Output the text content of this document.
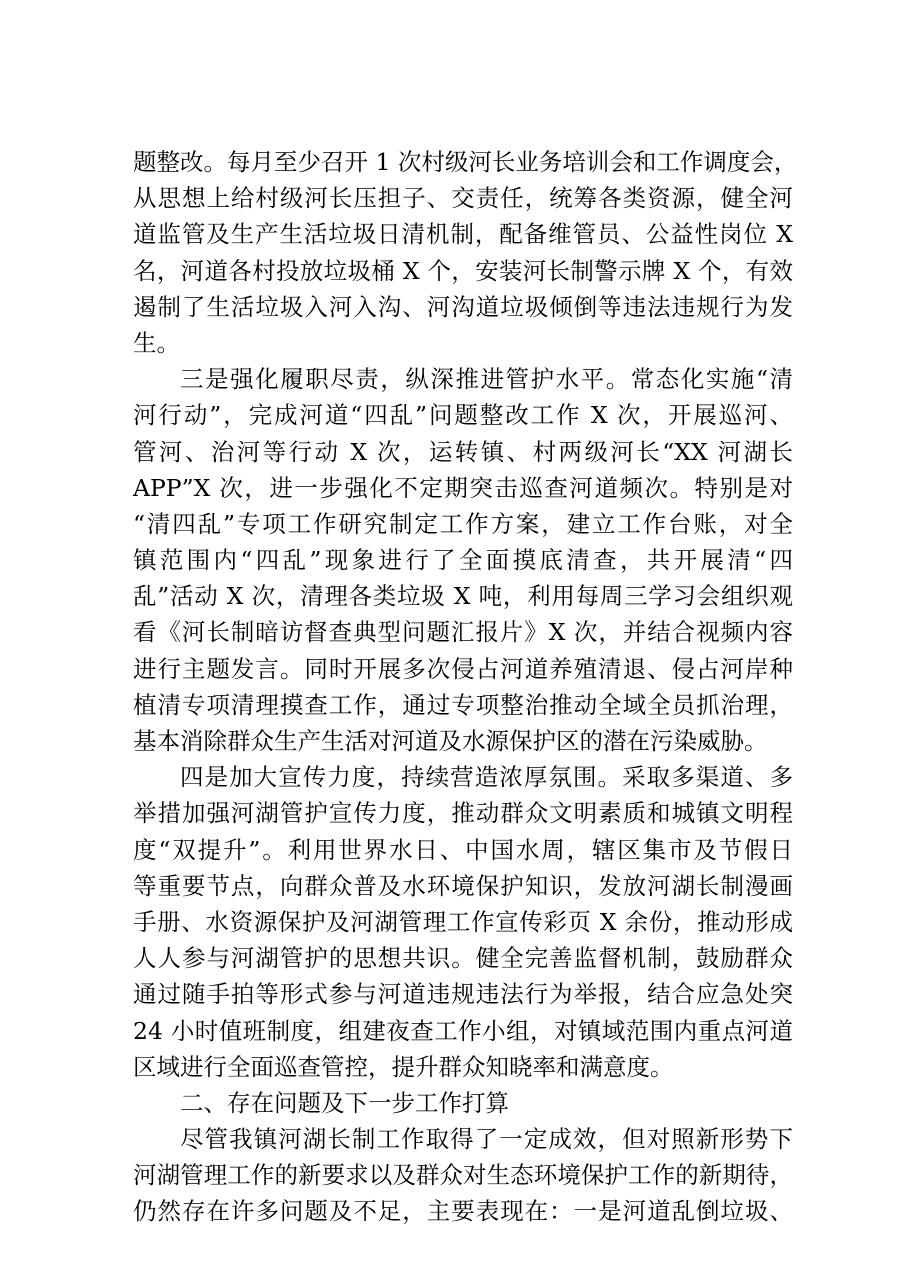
题整改。每月至少召开 1 次村级河长业务培训会和工作调度会，
从思想上给村级河长压担子、交责任，统筹各类资源，健全河
道监管及生产生活垃圾日清机制，配备维管员、公益性岗位 X
名，河道各村投放垃圾桶 X 个，安装河长制警示牌 X 个，有效
遏制了生活垃圾入河入沟、河沟道垃圾倾倒等违法违规行为发
生。
三是强化履职尽责，纵深推进管护水平。常态化实施“清
河行动”，完成河道“四乱”问题整改工作 X 次，开展巡河、
管河、治河等行动 X 次，运转镇、村两级河长“XX 河湖长
APP”X 次，进一步强化不定期突击巡查河道频次。特别是对
“清四乱”专项工作研究制定工作方案，建立工作台账，对全
镇范围内“四乱”现象进行了全面摸底清查，共开展清“四
乱”活动 X 次，清理各类垃圾 X 吨，利用每周三学习会组织观
看《河长制暗访督查典型问题汇报片》X 次，并结合视频内容
进行主题发言。同时开展多次侵占河道养殖清退、侵占河岸种
植清专项清理摸查工作，通过专项整治推动全域全员抓治理，
基本消除群众生产生活对河道及水源保护区的潜在污染威胁。
四是加大宣传力度，持续营造浓厚氛围。采取多渠道、多
举措加强河湖管护宣传力度，推动群众文明素质和城镇文明程
度“双提升”。利用世界水日、中国水周，辖区集市及节假日
等重要节点，向群众普及水环境保护知识，发放河湖长制漫画
手册、水资源保护及河湖管理工作宣传彩页 X 余份，推动形成
人人参与河湖管护的思想共识。健全完善监督机制，鼓励群众
通过随手拍等形式参与河道违规违法行为举报，结合应急处突
24 小时值班制度，组建夜查工作小组，对镇域范围内重点河道
区域进行全面巡查管控，提升群众知晓率和满意度。
二、存在问题及下一步工作打算
尽管我镇河湖长制工作取得了一定成效，但对照新形势下
河湖管理工作的新要求以及群众对生态环境保护工作的新期待，
仍然存在许多问题及不足，主要表现在：一是河道乱倒垃圾、
